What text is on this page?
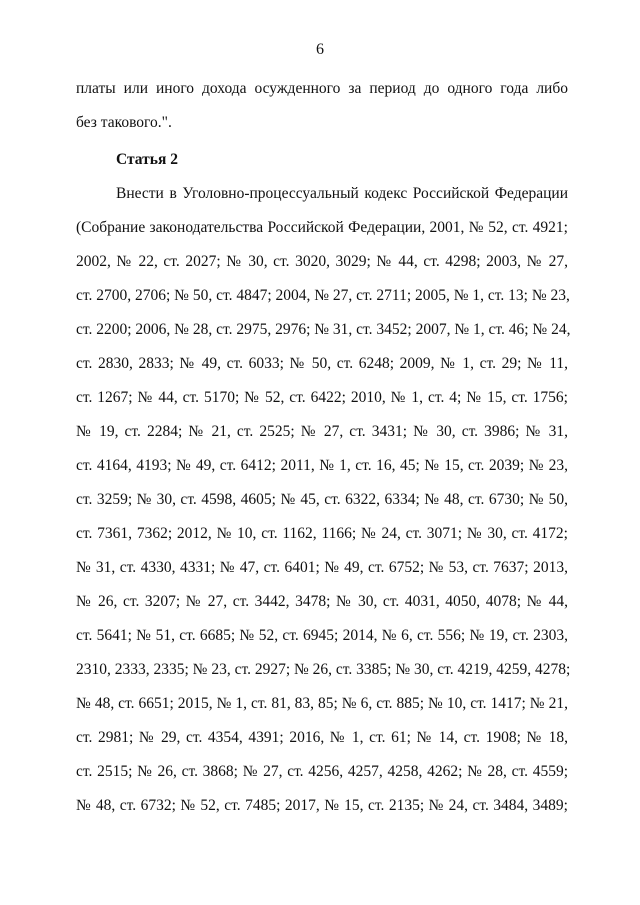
6
платы или иного дохода осужденного за период до одного года либо
без такового.".
Статья 2
Внести в Уголовно-процессуальный кодекс Российской Федерации
(Собрание законодательства Российской Федерации, 2001, № 52, ст. 4921;
2002, № 22, ст. 2027; № 30, ст. 3020, 3029; № 44, ст. 4298; 2003, № 27,
ст. 2700, 2706; № 50, ст. 4847; 2004, № 27, ст. 2711; 2005, № 1, ст. 13; № 23,
ст. 2200; 2006, № 28, ст. 2975, 2976; № 31, ст. 3452; 2007, № 1, ст. 46; № 24,
ст. 2830, 2833; № 49, ст. 6033; № 50, ст. 6248; 2009, № 1, ст. 29; № 11,
ст. 1267; № 44, ст. 5170; № 52, ст. 6422; 2010, № 1, ст. 4; № 15, ст. 1756;
№ 19, ст. 2284; № 21, ст. 2525; № 27, ст. 3431; № 30, ст. 3986; № 31,
ст. 4164, 4193; № 49, ст. 6412; 2011, № 1, ст. 16, 45; № 15, ст. 2039; № 23,
ст. 3259; № 30, ст. 4598, 4605; № 45, ст. 6322, 6334; № 48, ст. 6730; № 50,
ст. 7361, 7362; 2012, № 10, ст. 1162, 1166; № 24, ст. 3071; № 30, ст. 4172;
№ 31, ст. 4330, 4331; № 47, ст. 6401; № 49, ст. 6752; № 53, ст. 7637; 2013,
№ 26, ст. 3207; № 27, ст. 3442, 3478; № 30, ст. 4031, 4050, 4078; № 44,
ст. 5641; № 51, ст. 6685; № 52, ст. 6945; 2014, № 6, ст. 556; № 19, ст. 2303,
2310, 2333, 2335; № 23, ст. 2927; № 26, ст. 3385; № 30, ст. 4219, 4259, 4278;
№ 48, ст. 6651; 2015, № 1, ст. 81, 83, 85; № 6, ст. 885; № 10, ст. 1417; № 21,
ст. 2981; № 29, ст. 4354, 4391; 2016, № 1, ст. 61; № 14, ст. 1908; № 18,
ст. 2515; № 26, ст. 3868; № 27, ст. 4256, 4257, 4258, 4262; № 28, ст. 4559;
№ 48, ст. 6732; № 52, ст. 7485; 2017, № 15, ст. 2135; № 24, ст. 3484, 3489;
